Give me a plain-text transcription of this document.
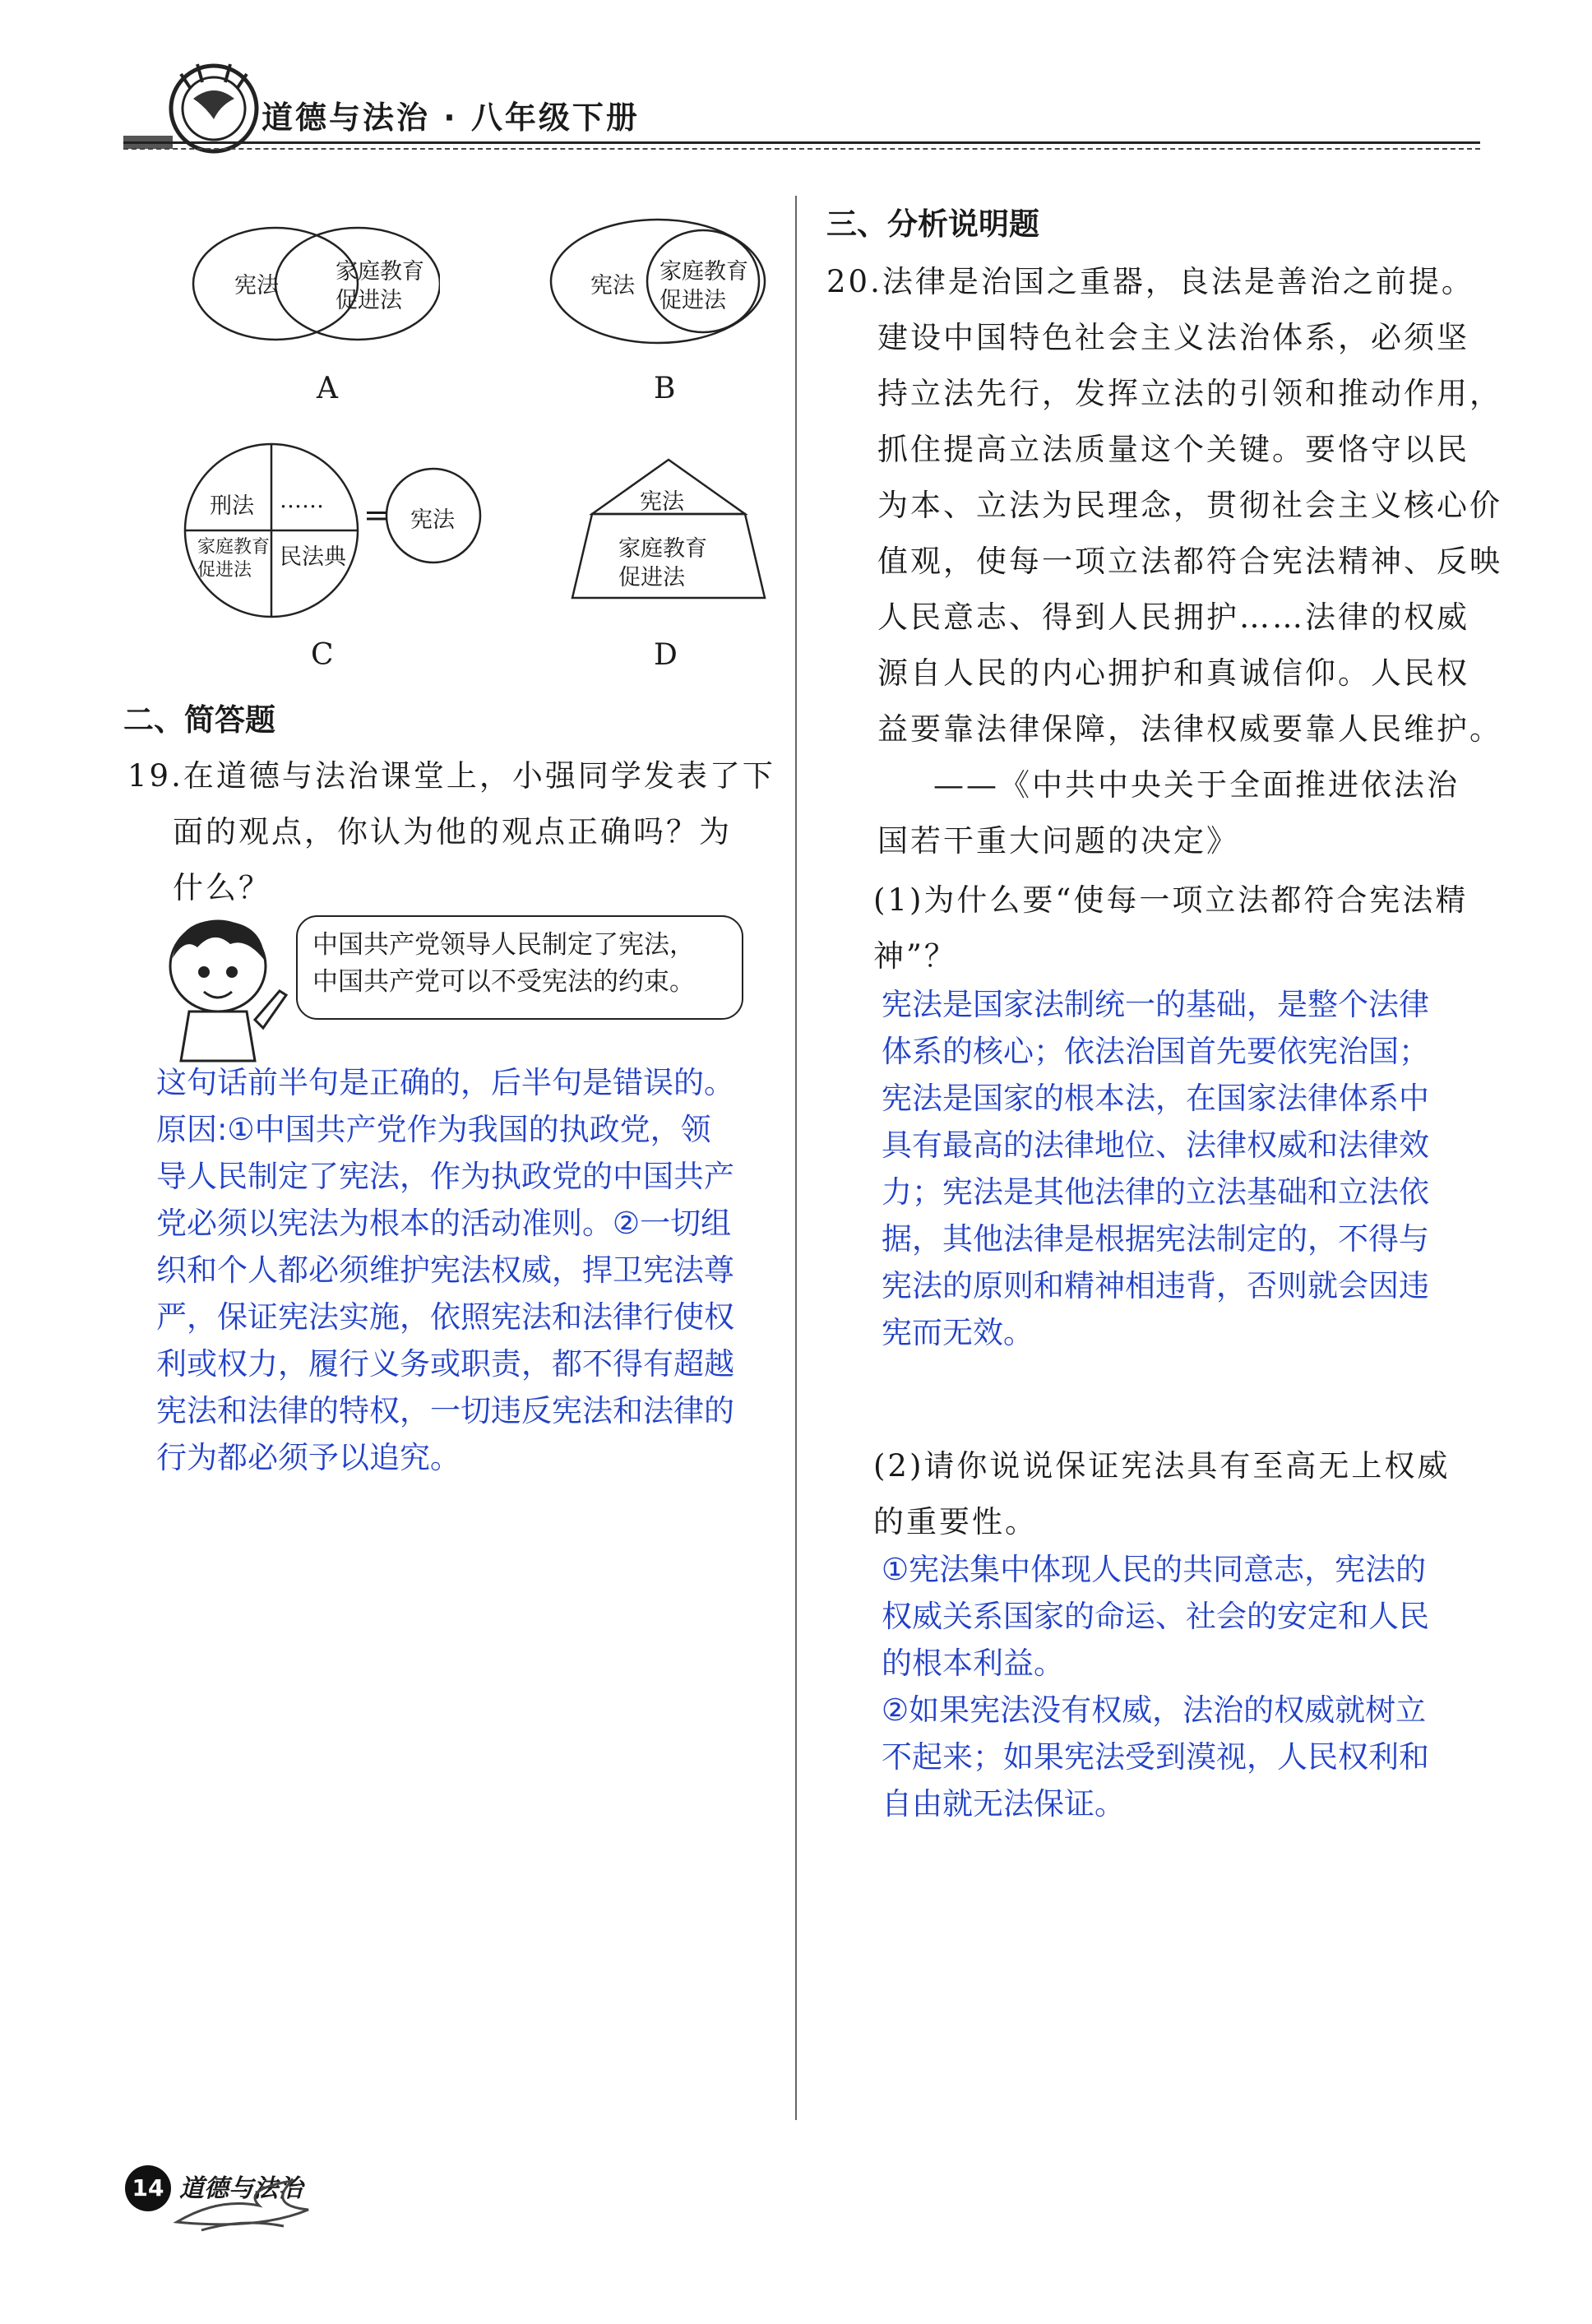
道德与法治 · 八年级下册
宪法
家庭教育
促进法
A
宪法
家庭教育
促进法
B
刑法 ……
家庭教育
促进法
民法典
= 宪法
C
宪法
家庭教育
促进法
D
二、简答题
19.在道德与法治课堂上，小强同学发表了下
面的观点，你认为他的观点正确吗？为
什么？
中国共产党领导人民制定了宪法，
中国共产党可以不受宪法的约束。
这句话前半句是正确的，后半句是错误的。
原因:①中国共产党作为我国的执政党，领
导人民制定了宪法，作为执政党的中国共产
党必须以宪法为根本的活动准则。②一切组
织和个人都必须维护宪法权威，捍卫宪法尊
严，保证宪法实施，依照宪法和法律行使权
利或权力，履行义务或职责，都不得有超越
宪法和法律的特权，一切违反宪法和法律的
行为都必须予以追究。
三、分析说明题
20.法律是治国之重器，良法是善治之前提。
建设中国特色社会主义法治体系，必须坚
持立法先行，发挥立法的引领和推动作用，
抓住提高立法质量这个关键。要恪守以民
为本、立法为民理念，贯彻社会主义核心价
值观，使每一项立法都符合宪法精神、反映
人民意志、得到人民拥护……法律的权威
源自人民的内心拥护和真诚信仰。人民权
益要靠法律保障，法律权威要靠人民维护。
——《中共中央关于全面推进依法治
国若干重大问题的决定》
(1)为什么要“使每一项立法都符合宪法精
神”？
宪法是国家法制统一的基础，是整个法律
体系的核心；依法治国首先要依宪治国；
宪法是国家的根本法，在国家法律体系中
具有最高的法律地位、法律权威和法律效
力；宪法是其他法律的立法基础和立法依
据，其他法律是根据宪法制定的，不得与
宪法的原则和精神相违背，否则就会因违
宪而无效。
(2)请你说说保证宪法具有至高无上权威
的重要性。
①宪法集中体现人民的共同意志，宪法的
权威关系国家的命运、社会的安定和人民
的根本利益。
②如果宪法没有权威，法治的权威就树立
不起来；如果宪法受到漠视，人民权利和
自由就无法保证。
14 道德与法治
